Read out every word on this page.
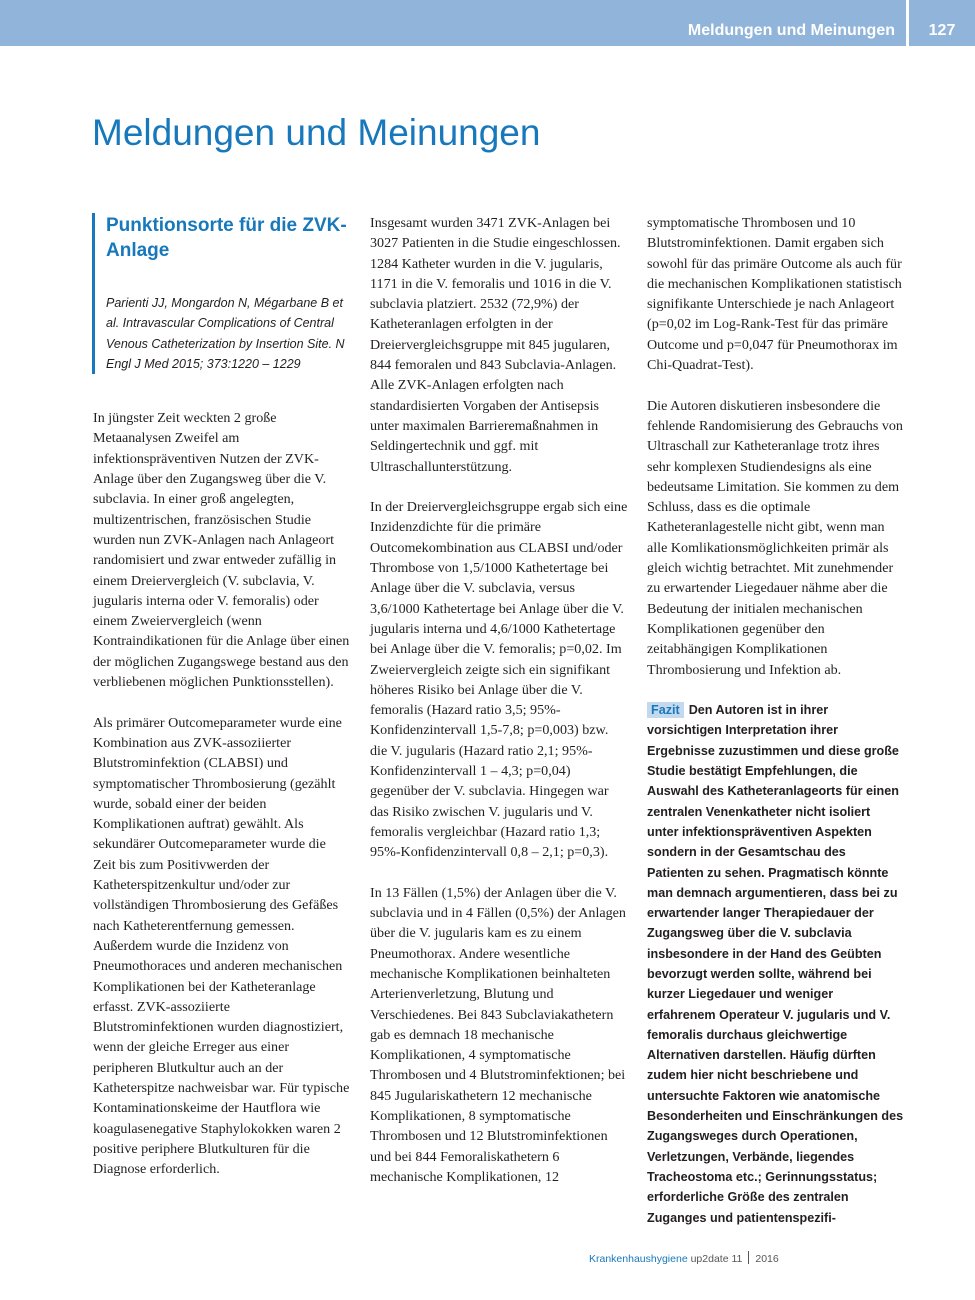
Meldungen und Meinungen	127
Meldungen und Meinungen
Punktionsorte für die ZVK-Anlage

Parienti JJ, Mongardon N, Mégarbane B et al. Intravascular Complications of Central Venous Catheterization by Insertion Site. N Engl J Med 2015; 373:1220 – 1229

In jüngster Zeit weckten 2 große Metaanalysen Zweifel am infektionspräventiven Nutzen der ZVK-Anlage über den Zugangsweg über die V. subclavia. In einer groß angelegten, multizentrischen, französischen Studie wurden nun ZVK-Anlagen nach Anlageort randomisiert und zwar entweder zufällig in einem Dreiervergleich (V. subclavia, V. jugularis interna oder V. femoralis) oder einem Zweiervergleich (wenn Kontraindikationen für die Anlage über einen der möglichen Zugangswege bestand aus den verbliebenen möglichen Punktionsstellen).

Als primärer Outcomeparameter wurde eine Kombination aus ZVK-assoziierter Blutstrominfektion (CLABSI) und symptomatischer Thrombosierung (gezählt wurde, sobald einer der beiden Komplikationen auftrat) gewählt. Als sekundärer Outcomeparameter wurde die Zeit bis zum Positivwerden der Katheterspitzenkultur und/oder zur vollständigen Thrombosierung des Gefäßes nach Katheterentfernung gemessen. Außerdem wurde die Inzidenz von Pneumothoraces und anderen mechanischen Komplikationen bei der Katheteranlage erfasst. ZVK-assoziierte Blutstrominfektionen wurden diagnostiziert, wenn der gleiche Erreger aus einer peripheren Blutkultur auch an der Katheterspitze nachweisbar war. Für typische Kontaminationskeime der Hautflora wie koagulasenegative Staphylokokken waren 2 positive periphere Blutkulturen für die Diagnose erforderlich.

Insgesamt wurden 3471 ZVK-Anlagen bei 3027 Patienten in die Studie eingeschlossen. 1284 Katheter wurden in die V. jugularis, 1171 in die V. femoralis und 1016 in die V. subclavia platziert. 2532 (72,9%) der Katheteranlagen erfolgten in der Dreiervergleichsgruppe mit 845 jugularen, 844 femoralen und 843 Subclavia-Anlagen. Alle ZVK-Anlagen erfolgten nach standardisierten Vorgaben der Antisepsis unter maximalen Barrieremaßnahmen in Seldingertechnik und ggf. mit Ultraschallunterstützung.

In der Dreiervergleichsgruppe ergab sich eine Inzidenzdichte für die primäre Outcomekombination aus CLABSI und/oder Thrombose von 1,5/1000 Kathetertage bei Anlage über die V. subclavia, versus 3,6/1000 Kathetertage bei Anlage über die V. jugularis interna und 4,6/1000 Kathetertage bei Anlage über die V. femoralis; p=0,02. Im Zweiervergleich zeigte sich ein signifikant höheres Risiko bei Anlage über die V. femoralis (Hazard ratio 3,5; 95%-Konfidenzintervall 1,5-7,8; p=0,003) bzw. die V. jugularis (Hazard ratio 2,1; 95%-Konfidenzintervall 1 – 4,3; p=0,04) gegenüber der V. subclavia. Hingegen war das Risiko zwischen V. jugularis und V. femoralis vergleichbar (Hazard ratio 1,3; 95%-Konfidenzintervall 0,8 – 2,1; p=0,3).

In 13 Fällen (1,5%) der Anlagen über die V. subclavia und in 4 Fällen (0,5%) der Anlagen über die V. jugularis kam es zu einem Pneumothorax. Andere wesentliche mechanische Komplikationen beinhalteten Arterienverletzung, Blutung und Verschiedenes. Bei 843 Subclaviakathetern gab es demnach 18 mechanische Komplikationen, 4 symptomatische Thrombosen und 4 Blutstrominfektionen; bei 845 Jugulariskathetern 12 mechanische Komplikationen, 8 symptomatische Thrombosen und 12 Blutstrominfektionen und bei 844 Femoraliskathetern 6 mechanische Komplikationen, 12

symptomatische Thrombosen und 10 Blutstrominfektionen. Damit ergaben sich sowohl für das primäre Outcome als auch für die mechanischen Komplikationen statistisch signifikante Unterschiede je nach Anlageort (p=0,02 im Log-Rank-Test für das primäre Outcome und p=0,047 für Pneumothorax im Chi-Quadrat-Test).

Die Autoren diskutieren insbesondere die fehlende Randomisierung des Gebrauchs von Ultraschall zur Katheteranlage trotz ihres sehr komplexen Studiendesigns als eine bedeutsame Limitation. Sie kommen zu dem Schluss, dass es die optimale Katheteranlagestelle nicht gibt, wenn man alle Komlikationsmöglichkeiten primär als gleich wichtig betrachtet. Mit zunehmender zu erwartender Liegedauer nähme aber die Bedeutung der initialen mechanischen Komplikationen gegenüber den zeitabhängigen Komplikationen Thrombosierung und Infektion ab.

Fazit Den Autoren ist in ihrer vorsichtigen Interpretation ihrer Ergebnisse zuzustimmen und diese große Studie bestätigt Empfehlungen, die Auswahl des Katheteranlageorts für einen zentralen Venenkatheter nicht isoliert unter infektionspräventiven Aspekten sondern in der Gesamtschau des Patienten zu sehen. Pragmatisch könnte man demnach argumentieren, dass bei zu erwartender langer Therapiedauer der Zugangsweg über die V. subclavia insbesondere in der Hand des Geübten bevorzugt werden sollte, während bei kurzer Liegedauer und weniger erfahrenem Operateur V. jugularis und V. femoralis durchaus gleichwertige Alternativen darstellen. Häufig dürften zudem hier nicht beschriebene und untersuchte Faktoren wie anatomische Besonderheiten und Einschränkungen des Zugangsweges durch Operationen, Verletzungen, Verbände, liegendes Tracheostoma etc.; Gerinnungsstatus; erforderliche Größe des zentralen Zuganges und patientenspezifi-

Krankenhaushygiene up2date 11 2016
